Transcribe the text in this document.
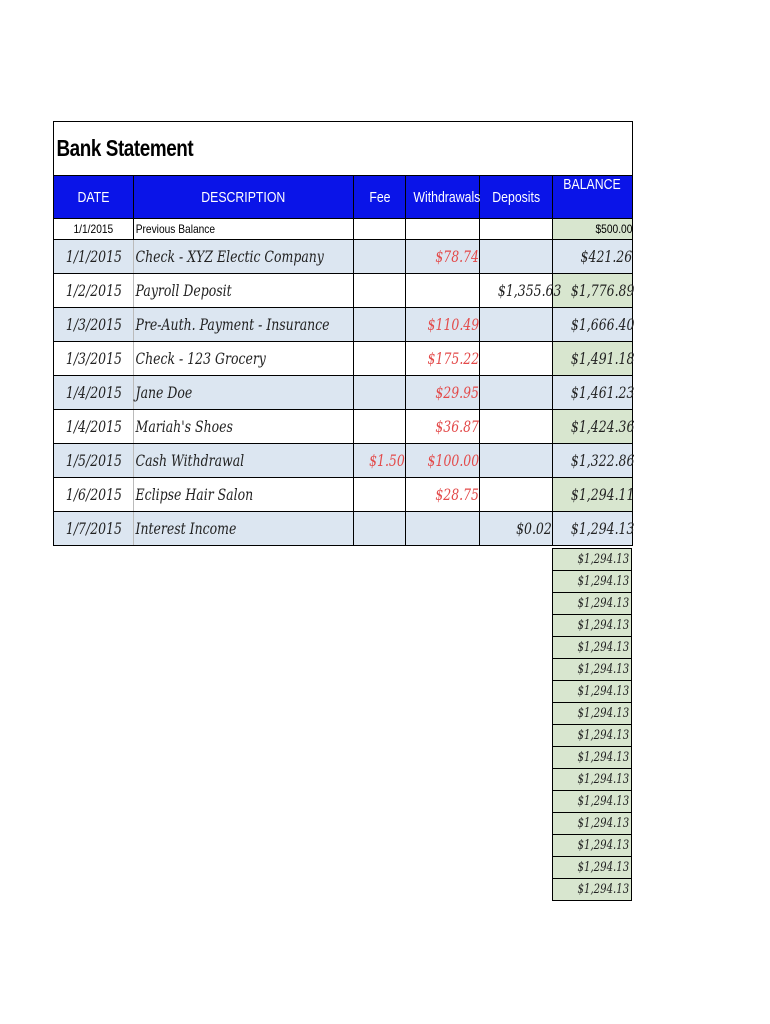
Bank Statement					
DATE	DESCRIPTION	Fee	Withdrawals	Deposits	BALANCE
1/1/2015	Previous Balance				$500.00
1/1/2015	Check - XYZ Electic Company		$78.74		$421.26
1/2/2015	Payroll Deposit			$1,355.63	$1,776.89
1/3/2015	Pre-Auth. Payment - Insurance		$110.49		$1,666.40
1/3/2015	Check - 123 Grocery		$175.22		$1,491.18
1/4/2015	Jane Doe		$29.95		$1,461.23
1/4/2015	Mariah's Shoes		$36.87		$1,424.36
1/5/2015	Cash Withdrawal	$1.50	$100.00		$1,322.86
1/6/2015	Eclipse Hair Salon		$28.75		$1,294.11
1/7/2015	Interest Income			$0.02	$1,294.13
$1,294.13
$1,294.13
$1,294.13
$1,294.13
$1,294.13
$1,294.13
$1,294.13
$1,294.13
$1,294.13
$1,294.13
$1,294.13
$1,294.13
$1,294.13
$1,294.13
$1,294.13
$1,294.13
